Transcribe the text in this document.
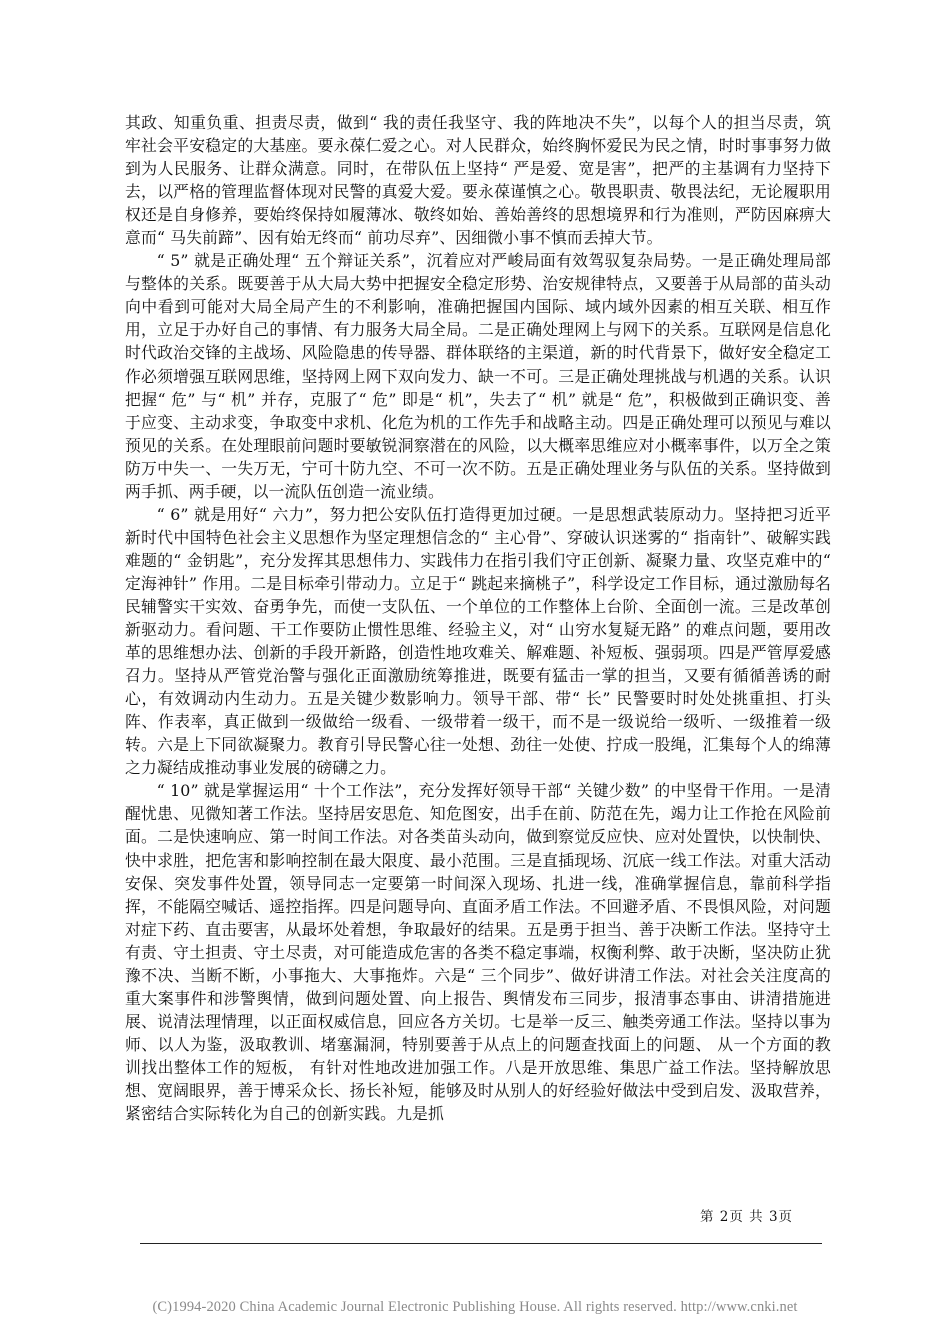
其政、知重负重、担责尽责，做到“ 我的责任我坚守、我的阵地决不失”，以每个人的担当尽责，筑牢社会平安稳定的大基座。要永葆仁爱之心。对人民群众，始终胸怀爱民为民之情，时时事事努力做到为人民服务、让群众满意。同时，在带队伍上坚持“ 严是爱、宽是害”，把严的主基调有力坚持下去，以严格的管理监督体现对民警的真爱大爱。要永葆谨慎之心。敬畏职责、敬畏法纪，无论履职用权还是自身修养，要始终保持如履薄冰、敬终如始、善始善终的思想境界和行为准则，严防因麻痹大意而“ 马失前蹄”、因有始无终而“ 前功尽弃”、因细微小事不慎而丢掉大节。

“ 5” 就是正确处理“ 五个辩证关系”，沉着应对严峻局面有效驾驭复杂局势。一是正确处理局部与整体的关系。既要善于从大局大势中把握安全稳定形势、治安规律特点，又要善于从局部的苗头动向中看到可能对大局全局产生的不利影响，准确把握国内国际、域内域外因素的相互关联、相互作用，立足于办好自己的事情、有力服务大局全局。二是正确处理网上与网下的关系。互联网是信息化时代政治交锋的主战场、风险隐患的传导器、群体联络的主渠道，新的时代背景下，做好安全稳定工作必须增强互联网思维，坚持网上网下双向发力、缺一不可。三是正确处理挑战与机遇的关系。认识把握“ 危” 与“ 机” 并存，克服了“ 危” 即是“ 机”，失去了“ 机” 就是“ 危”，积极做到正确识变、善于应变、主动求变，争取变中求机、化危为机的工作先手和战略主动。四是正确处理可以预见与难以预见的关系。在处理眼前问题时要敏锐洞察潜在的风险，以大概率思维应对小概率事件，以万全之策防万中失一、一失万无，宁可十防九空、不可一次不防。五是正确处理业务与队伍的关系。坚持做到两手抓、两手硬，以一流队伍创造一流业绩。

“ 6” 就是用好“ 六力”，努力把公安队伍打造得更加过硬。一是思想武装原动力。坚持把习近平新时代中国特色社会主义思想作为坚定理想信念的“ 主心骨”、穿破认识迷雾的“ 指南针”、破解实践难题的“ 金钥匙”，充分发挥其思想伟力、实践伟力在指引我们守正创新、凝聚力量、攻坚克难中的“ 定海神针” 作用。二是目标牵引带动力。立足于“ 跳起来摘桃子”，科学设定工作目标，通过激励每名民辅警实干实效、奋勇争先，而使一支队伍、一个单位的工作整体上台阶、全面创一流。三是改革创新驱动力。看问题、干工作要防止惯性思维、经验主义，对“ 山穷水复疑无路” 的难点问题，要用改革的思维想办法、创新的手段开新路，创造性地攻难关、解难题、补短板、强弱项。四是严管厚爱感召力。坚持从严管党治警与强化正面激励统筹推进，既要有猛击一掌的担当，又要有循循善诱的耐心，有效调动内生动力。五是关键少数影响力。领导干部、带“ 长” 民警要时时处处挑重担、打头阵、作表率，真正做到一级做给一级看、一级带着一级干，而不是一级说给一级听、一级推着一级转。六是上下同欲凝聚力。教育引导民警心往一处想、劲往一处使、拧成一股绳，汇集每个人的绵薄之力凝结成推动事业发展的磅礴之力。

“ 10” 就是掌握运用“ 十个工作法”，充分发挥好领导干部“ 关键少数” 的中坚骨干作用。一是清醒忧患、见微知著工作法。坚持居安思危、知危图安，出手在前、防范在先，竭力让工作抢在风险前面。二是快速响应、第一时间工作法。对各类苗头动向，做到察觉反应快、应对处置快，以快制快、快中求胜，把危害和影响控制在最大限度、最小范围。三是直插现场、沉底一线工作法。对重大活动安保、突发事件处置，领导同志一定要第一时间深入现场、扎进一线，准确掌握信息，靠前科学指挥，不能隔空喊话、遥控指挥。四是问题导向、直面矛盾工作法。不回避矛盾、不畏惧风险，对问题对症下药、直击要害，从最坏处着想，争取最好的结果。五是勇于担当、善于决断工作法。坚持守土有责、守土担责、守土尽责，对可能造成危害的各类不稳定事端，权衡利弊、敢于决断，坚决防止犹豫不决、当断不断，小事拖大、大事拖炸。六是“ 三个同步”、做好讲清工作法。对社会关注度高的重大案事件和涉警舆情，做到问题处置、向上报告、舆情发布三同步，报清事态事由、讲清措施进展、说清法理情理，以正面权威信息，回应各方关切。七是举一反三、触类旁通工作法。坚持以事为师、以人为鉴，汲取教训、堵塞漏洞，特别要善于从点上的问题查找面上的问题、 从一个方面的教训找出整体工作的短板， 有针对性地改进加强工作。八是开放思维、集思广益工作法。坚持解放思想、宽阔眼界，善于博采众长、扬长补短，能够及时从别人的好经验好做法中受到启发、汲取营养，紧密结合实际转化为自己的创新实践。九是抓

第 2页 共 3页
(C)1994-2020 China Academic Journal Electronic Publishing House. All rights reserved. http://www.cnki.net
